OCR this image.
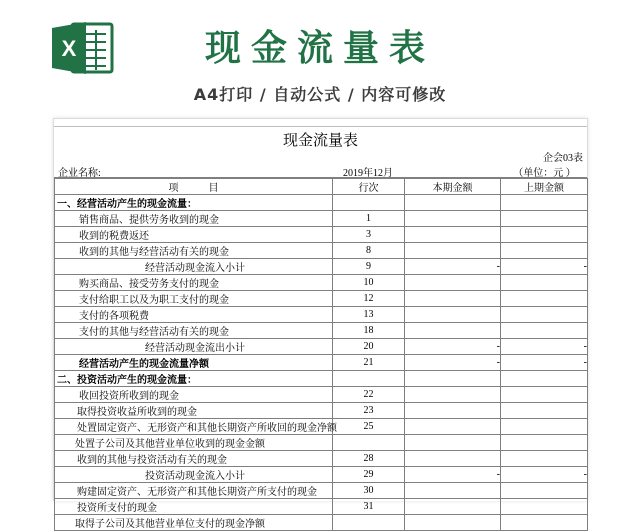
X	现金流量表
A4打印 / 自动公式 / 内容可修改
现金流量表
企会03表
企业名称:	2019年12月	（单位：元 ）
项　　　目	行次	本期金额	上期金额
一、经营活动产生的现金流量：			
销售商品、提供劳务收到的现金	1		
收到的税费返还	3		
收到的其他与经营活动有关的现金	8		
经营活动现金流入小计	9	-	-
购买商品、接受劳务支付的现金	10		
支付给职工以及为职工支付的现金	12		
支付的各项税费	13		
支付的其他与经营活动有关的现金	18		
经营活动现金流出小计	20	-	-
经营活动产生的现金流量净额	21	-	-
二、投资活动产生的现金流量：			
收回投资所收到的现金	22		
取得投资收益所收到的现金	23		
处置固定资产、无形资产和其他长期资产所收回的现金净额	25		
处置子公司及其他营业单位收到的现金金额			
收到的其他与投资活动有关的现金	28		
投资活动现金流入小计	29	-	-
购建固定资产、无形资产和其他长期资产所支付的现金	30		
投资所支付的现金	31		
取得子公司及其他营业单位支付的现金净额			
